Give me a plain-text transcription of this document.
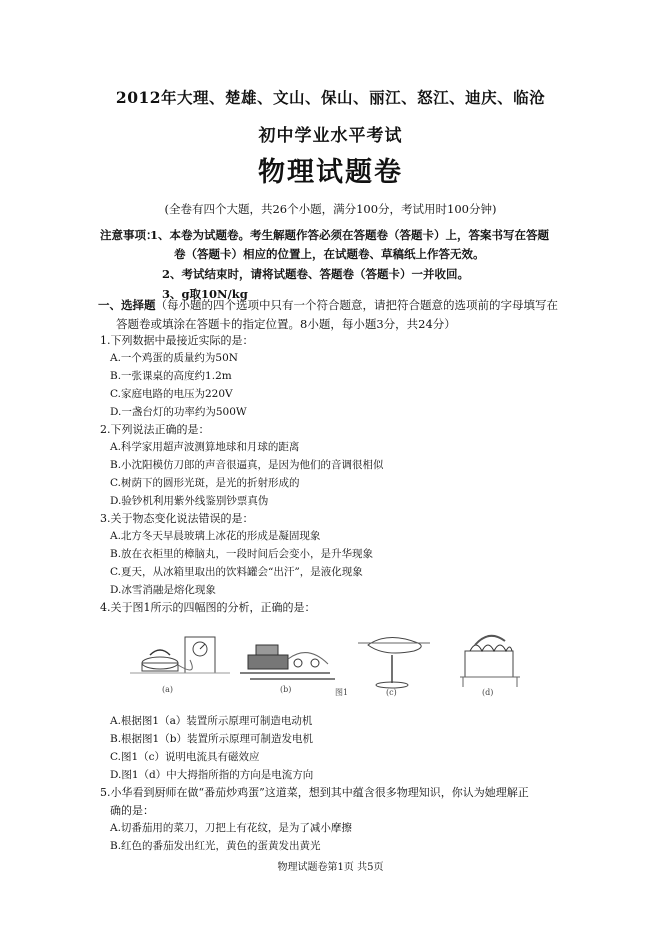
2012年大理、楚雄、文山、保山、丽江、怒江、迪庆、临沧
初中学业水平考试
物理试题卷
(全卷有四个大题，共26个小题，满分100分，考试用时100分钟)
注意事项：
1、本卷为试题卷。考生解题作答必须在答题卷（答题卡）上，答案书写在答题
卷（答题卡）相应的位置上，在试题卷、草稿纸上作答无效。
2、考试结束时，请将试题卷、答题卷（答题卡）一并收回。
3、g取10N/kg
一、选择题（每小题的四个选项中只有一个符合题意，请把符合题意的选项前的字母填写在
答题卷或填涂在答题卡的指定位置。8小题，每小题3分，共24分）
1.下列数据中最接近实际的是：
A.一个鸡蛋的质量约为50N
B.一张课桌的高度约1.2m
C.家庭电路的电压为220V
D.一盏台灯的功率约为500W
2.下列说法正确的是：
A.科学家用超声波测算地球和月球的距离
B.小沈阳模仿刀郎的声音很逼真，是因为他们的音调很相似
C.树荫下的圆形光斑，是光的折射形成的
D.验钞机利用紫外线鉴别钞票真伪
3.关于物态变化说法错误的是：
A.北方冬天早晨玻璃上冰花的形成是凝固现象
B.放在衣柜里的樟脑丸，一段时间后会变小，是升华现象
C.夏天，从冰箱里取出的饮料罐会“出汗”，是液化现象
D.冰雪消融是熔化现象
4.关于图1所示的四幅图的分析，正确的是：
(a)	(b)	图1	(c)	(d)
A.根据图1（a）装置所示原理可制造电动机
B.根据图1（b）装置所示原理可制造发电机
C.图1（c）说明电流具有磁效应
D.图1（d）中大拇指所指的方向是电流方向
5.小华看到厨师在做“番茄炒鸡蛋”这道菜，想到其中蕴含很多物理知识，你认为她理解正
确的是：
A.切番茄用的菜刀，刀把上有花纹，是为了减小摩擦
B.红色的番茄发出红光，黄色的蛋黄发出黄光
物理试题卷第1页 共5页
